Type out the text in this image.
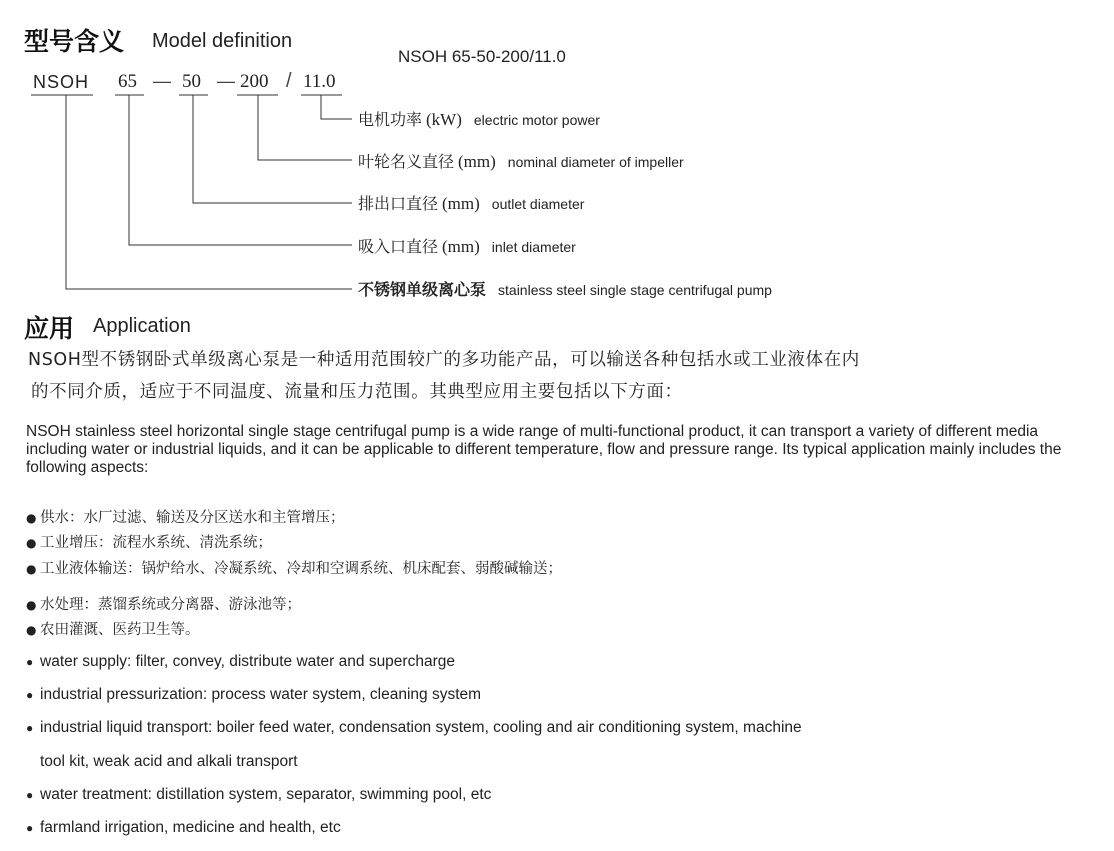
型号含义 Model definition
NSOH 65-50-200/11.0
NSOH 65 — 50 — 200 / 11.0
电机功率 (kW) electric motor power
叶轮名义直径 (mm) nominal diameter of impeller
排出口直径 (mm) outlet diameter
吸入口直径 (mm) inlet diameter
不锈钢单级离心泵 stainless steel single stage centrifugal pump
应用 Application
NSOH型不锈钢卧式单级离心泵是一种适用范围较广的多功能产品，可以输送各种包括水或工业液体在内
的不同介质，适应于不同温度、流量和压力范围。其典型应用主要包括以下方面：
NSOH stainless steel horizontal single stage centrifugal pump is a wide range of multi-functional product, it can transport a variety of different media including water or industrial liquids, and it can be applicable to different temperature, flow and pressure range. Its typical application mainly includes the following aspects:
● 供水：水厂过滤、输送及分区送水和主管增压；
● 工业增压：流程水系统、清洗系统；
● 工业液体输送：锅炉给水、冷凝系统、冷却和空调系统、机床配套、弱酸碱输送；
● 水处理：蒸馏系统或分离器、游泳池等；
● 农田灌溉、医药卫生等。
● water supply: filter, convey, distribute water and supercharge
● industrial pressurization: process water system, cleaning system
● industrial liquid transport: boiler feed water, condensation system, cooling and air conditioning system, machine
tool kit, weak acid and alkali transport
● water treatment: distillation system, separator, swimming pool, etc
● farmland irrigation, medicine and health, etc
